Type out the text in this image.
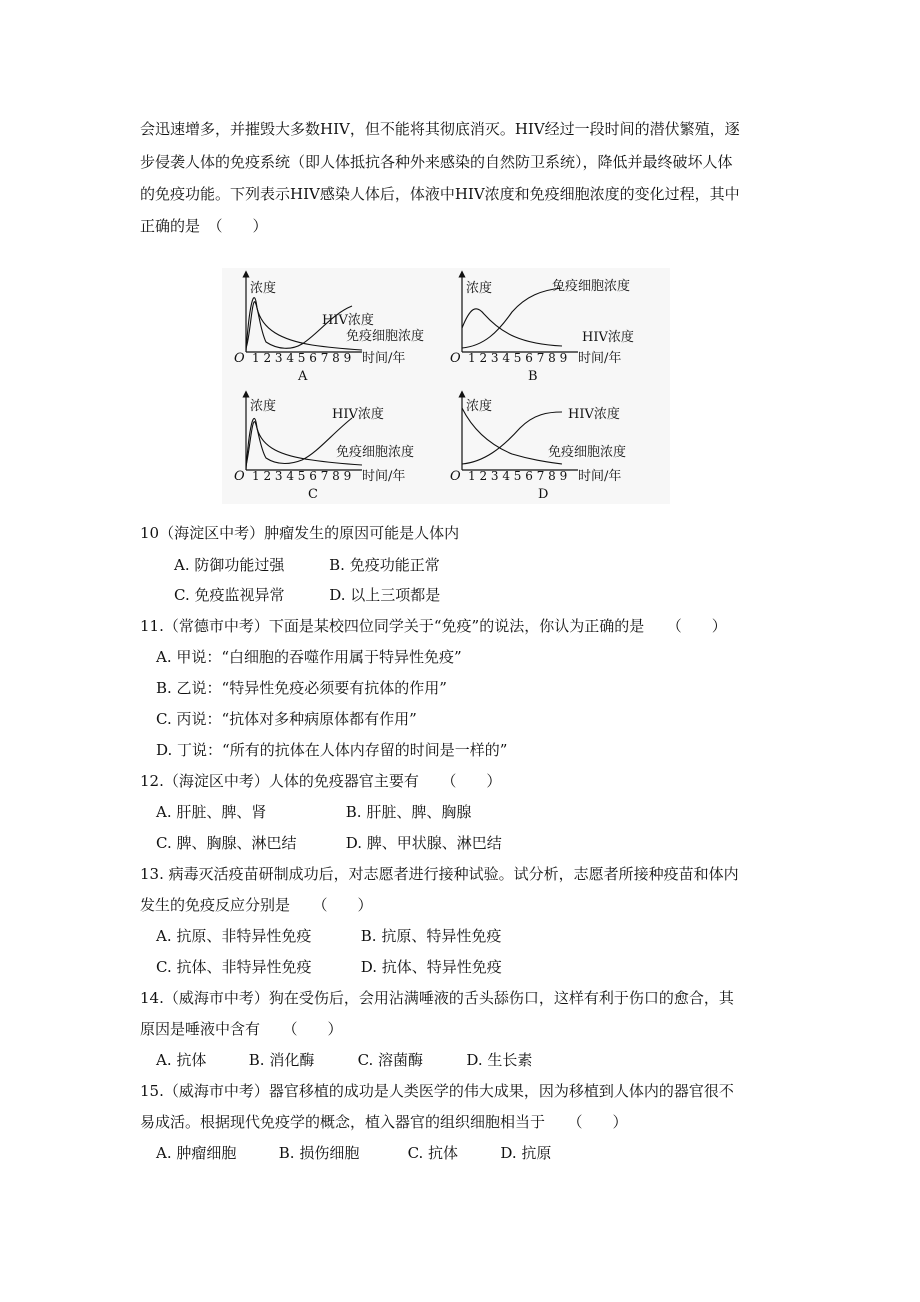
会迅速增多，并摧毁大多数HIV，但不能将其彻底消灭。HIV经过一段时间的潜伏繁殖，逐
步侵袭人体的免疫系统（即人体抵抗各种外来感染的自然防卫系统），降低并最终破坏人体
的免疫功能。下列表示HIV感染人体后，体液中HIV浓度和免疫细胞浓度的变化过程，其中
正确的是　（　　）
浓度
HIV浓度
免疫细胞浓度
O 1 2 3 4 5 6 7 8 9 时间/年
A
浓度	免疫细胞浓度
HIV浓度
O 1 2 3 4 5 6 7 8 9 时间/年
B
浓度
HIV浓度
免疫细胞浓度
O 1 2 3 4 5 6 7 8 9 时间/年
C
浓度
HIV浓度
免疫细胞浓度
O 1 2 3 4 5 6 7 8 9 时间/年
D
10（海淀区中考）肿瘤发生的原因可能是人体内
A. 防御功能过强	B. 免疫功能正常
C. 免疫监视异常	D. 以上三项都是
11.（常德市中考）下面是某校四位同学关于“免疫”的说法，你认为正确的是　　（　　）
A. 甲说：“白细胞的吞噬作用属于特异性免疫”
B. 乙说：“特异性免疫必须要有抗体的作用”
C. 丙说：“抗体对多种病原体都有作用”
D. 丁说：“所有的抗体在人体内存留的时间是一样的”
12.（海淀区中考）人体的免疫器官主要有　　（　　）
A. 肝脏、脾、肾	B. 肝脏、脾、胸腺
C. 脾、胸腺、淋巴结	D. 脾、甲状腺、淋巴结
13. 病毒灭活疫苗研制成功后，对志愿者进行接种试验。试分析，志愿者所接种疫苗和体内
发生的免疫反应分别是　　（　　）
A. 抗原、非特异性免疫	B. 抗原、特异性免疫
C. 抗体、非特异性免疫	D. 抗体、特异性免疫
14.（威海市中考）狗在受伤后，会用沾满唾液的舌头舔伤口，这样有利于伤口的愈合，其
原因是唾液中含有　　（　　）
A. 抗体	B. 消化酶	C. 溶菌酶	D. 生长素
15.（威海市中考）器官移植的成功是人类医学的伟大成果，因为移植到人体内的器官很不
易成活。根据现代免疫学的概念，植入器官的组织细胞相当于　　（　　）
A. 肿瘤细胞	B. 损伤细胞	C. 抗体	D. 抗原
